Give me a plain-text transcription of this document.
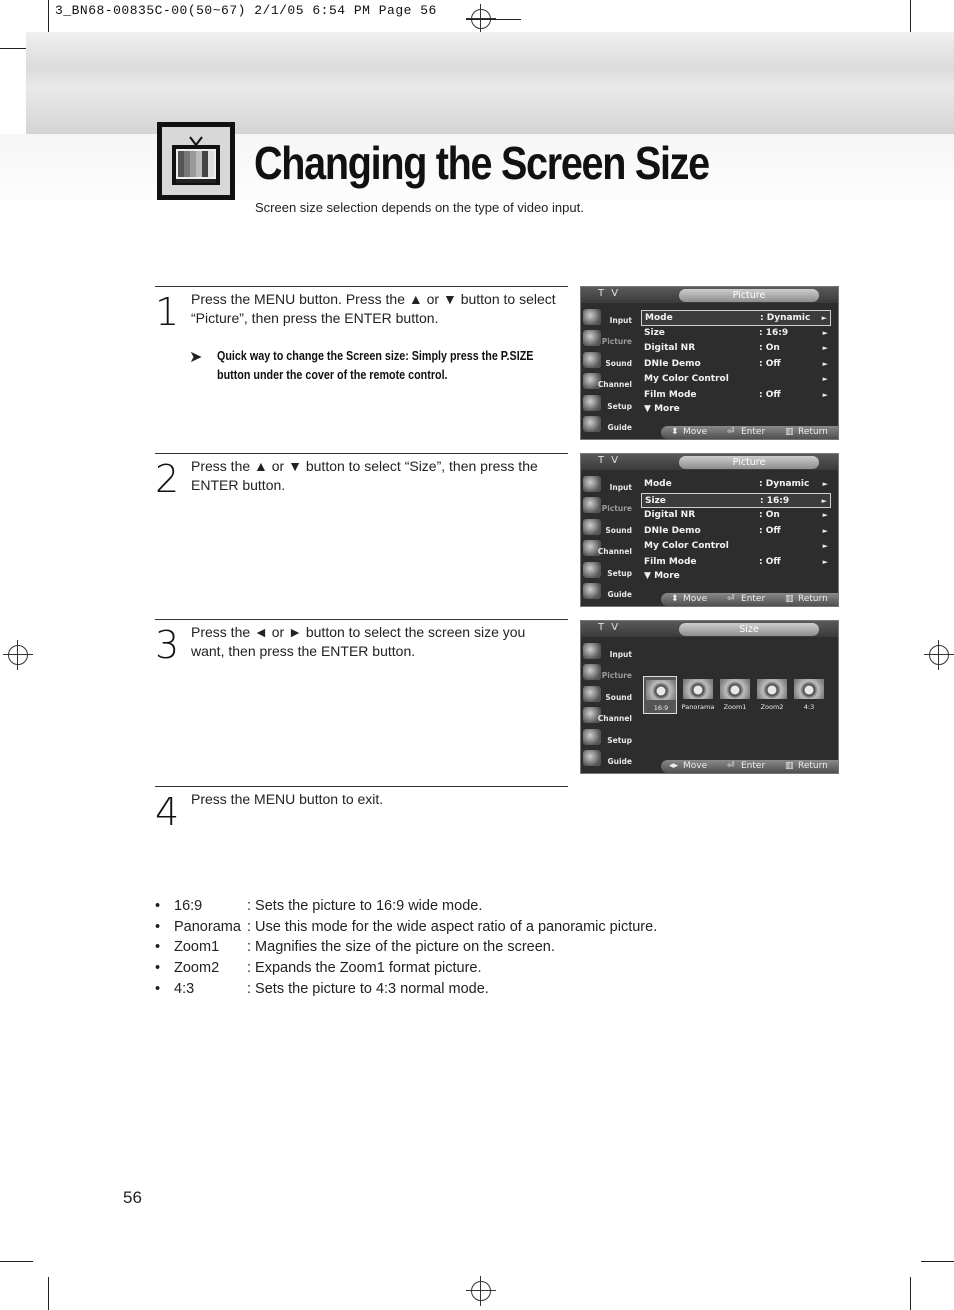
3_BN68-00835C-00(50~67) 2/1/05 6:54 PM Page 56
Changing the Screen Size
Screen size selection depends on the type of video input.
1 Press the MENU button. Press the ▲ or ▼ button to select “Picture”, then press the ENTER button.
➤ Quick way to change the Screen size: Simply press the P.SIZE button under the cover of the remote control.
2 Press the ▲ or ▼ button to select “Size”, then press the ENTER button.
3 Press the ◄ or ► button to select the screen size you want, then press the ENTER button.
4 Press the MENU button to exit.
T V	Picture
Input
Picture
Sound
Channel
Setup
Guide
Mode	: Dynamic ►
Size	: 16:9	►
Digital NR	: On	►
DNIe Demo	: Off	►
My Color Control	►
Film Mode	: Off	►
▼ More
⬍ Move ⏎ Enter ▥ Return
T V	Picture
Input
Picture
Sound
Channel
Setup
Guide
Mode	: Dynamic ►
Size	: 16:9	►
Digital NR	: On	►
DNIe Demo	: Off	►
My Color Control	►
Film Mode	: Off	►
▼ More
⬍ Move ⏎ Enter ▥ Return
T V	Size
Input
Picture
Sound
Channel
Setup
Guide
16:9	Panorama	Zoom1	Zoom2	4:3
◂▸ Move ⏎ Enter ▥ Return
• 16:9	: Sets the picture to 16:9 wide mode.
• Panorama : Use this mode for the wide aspect ratio of a panoramic picture.
• Zoom1 : Magnifies the size of the picture on the screen.
• Zoom2 : Expands the Zoom1 format picture.
• 4:3	: Sets the picture to 4:3 normal mode.
56
